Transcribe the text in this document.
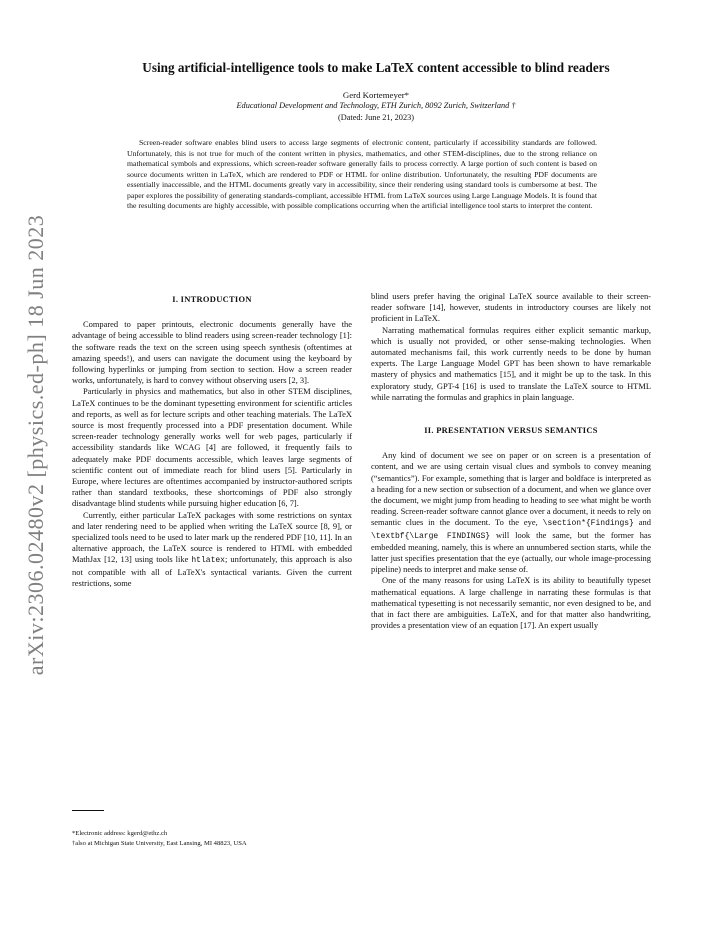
arXiv:2306.02480v2 [physics.ed-ph] 18 Jun 2023
Using artificial-intelligence tools to make LaTeX content accessible to blind readers
Gerd Kortemeyer*
Educational Development and Technology, ETH Zurich, 8092 Zurich, Switzerland †
(Dated: June 21, 2023)

Screen-reader software enables blind users to access large segments of electronic content, particularly if accessibility standards are followed. Unfortunately, this is not true for much of the content written in physics, mathematics, and other STEM-disciplines, due to the strong reliance on mathematical symbols and expressions, which screen-reader software generally fails to process correctly. A large portion of such content is based on source documents written in LaTeX, which are rendered to PDF or HTML for online distribution. Unfortunately, the resulting PDF documents are essentially inaccessible, and the HTML documents greatly vary in accessibility, since their rendering using standard tools is cumbersome at best. The paper explores the possibility of generating standards-compliant, accessible HTML from LaTeX sources using Large Language Models. It is found that the resulting documents are highly accessible, with possible complications occurring when the artificial intelligence tool starts to interpret the content.

I. INTRODUCTION

Compared to paper printouts, electronic documents generally have the advantage of being accessible to blind readers using screen-reader technology [1]: the software reads the text on the screen using speech synthesis (oftentimes at amazing speeds!), and users can navigate the document using the keyboard by following hyperlinks or jumping from section to section. How a screen reader works, unfortunately, is hard to convey without observing users [2, 3].

Particularly in physics and mathematics, but also in other STEM disciplines, LaTeX continues to be the dominant typesetting environment for scientific articles and reports, as well as for lecture scripts and other teaching materials. The LaTeX source is most frequently processed into a PDF presentation document. While screen-reader technology generally works well for web pages, particularly if accessibility standards like WCAG [4] are followed, it frequently fails to adequately make PDF documents accessible, which leaves large segments of scientific content out of immediate reach for blind users [5]. Particularly in Europe, where lectures are oftentimes accompanied by instructor-authored scripts rather than standard textbooks, these shortcomings of PDF also strongly disadvantage blind students while pursuing higher education [6, 7].

Currently, either particular LaTeX packages with some restrictions on syntax and later rendering need to be applied when writing the LaTeX source [8, 9], or specialized tools need to be used to later mark up the rendered PDF [10, 11]. In an alternative approach, the LaTeX source is rendered to HTML with embedded MathJax [12, 13] using tools like htlatex; unfortunately, this approach is also not compatible with all of LaTeX's syntactical variants. Given the current restrictions, some

blind users prefer having the original LaTeX source available to their screen-reader software [14], however, students in introductory courses are likely not proficient in LaTeX.

Narrating mathematical formulas requires either explicit semantic markup, which is usually not provided, or other sense-making technologies. When automated mechanisms fail, this work currently needs to be done by human experts. The Large Language Model GPT has been shown to have remarkable mastery of physics and mathematics [15], and it might be up to the task. In this exploratory study, GPT-4 [16] is used to translate the LaTeX source to HTML while narrating the formulas and graphics in plain language.

II. PRESENTATION VERSUS SEMANTICS

Any kind of document we see on paper or on screen is a presentation of content, and we are using certain visual clues and symbols to convey meaning (“semantics”). For example, something that is larger and boldface is interpreted as a heading for a new section or subsection of a document, and when we glance over the document, we might jump from heading to heading to see what might be worth reading. Screen-reader software cannot glance over a document, it needs to rely on semantic clues in the document. To the eye, \section*{Findings} and \textbf{\Large FINDINGS} will look the same, but the former has embedded meaning, namely, this is where an unnumbered section starts, while the latter just specifies presentation that the eye (actually, our whole image-processing pipeline) needs to interpret and make sense of.

One of the many reasons for using LaTeX is its ability to beautifully typeset mathematical equations. A large challenge in narrating these formulas is that mathematical typesetting is not necessarily semantic, nor even designed to be, and that in fact there are ambiguities. LaTeX, and for that matter also handwriting, provides a presentation view of an equation [17]. An expert usually

*Electronic address: kgerd@ethz.ch
†also at Michigan State University, East Lansing, MI 48823, USA
